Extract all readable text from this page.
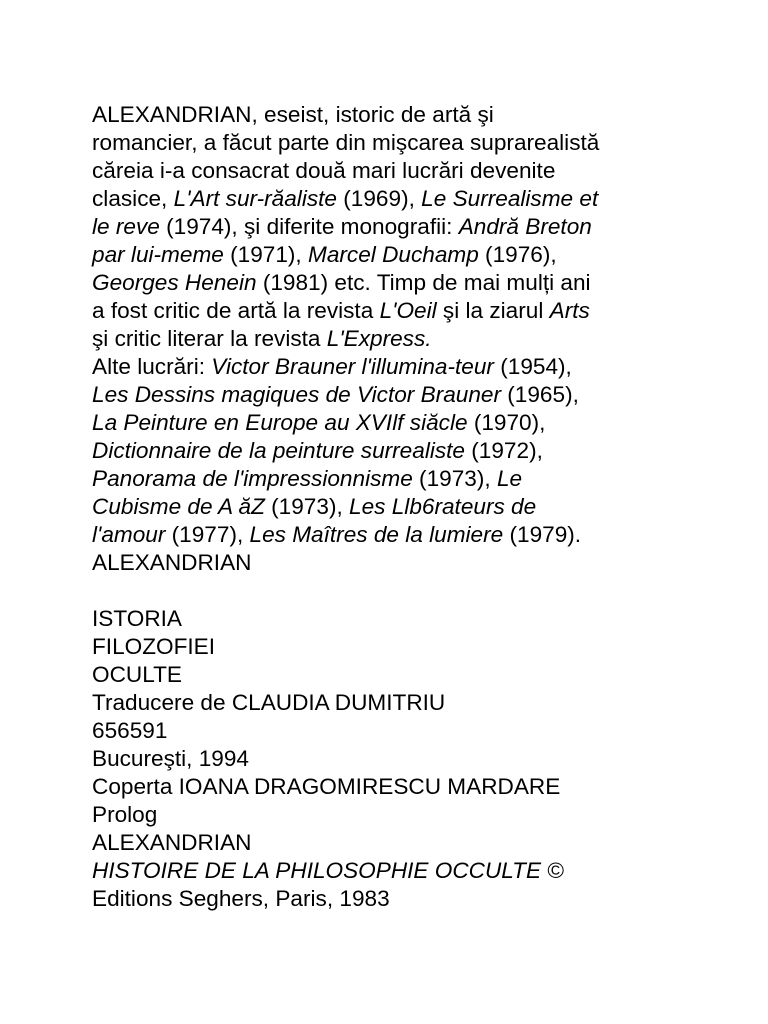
ALEXANDRIAN, eseist, istoric de artă şi
romancier, a făcut parte din mişcarea suprarealistă
căreia i-a consacrat două mari lucrări devenite
clasice, L'Art sur-răaliste (1969), Le Surrealisme et
le reve (1974), şi diferite monografii: Andră Breton
par lui-meme (1971), Marcel Duchamp (1976),
Georges Henein (1981) etc. Timp de mai mulți ani
a fost critic de artă la revista L'Oeil şi la ziarul Arts
şi critic literar la revista L'Express.
Alte lucrări: Victor Brauner l'illumina-teur (1954),
Les Dessins magiques de Victor Brauner (1965),
La Peinture en Europe au XVIlf siăcle (1970),
Dictionnaire de la peinture surrealiste (1972),
Panorama de l'impressionnisme (1973), Le
Cubisme de A ăZ (1973), Les Llb6rateurs de
l'amour (1977), Les Maîtres de la lumiere (1979).
ALEXANDRIAN
ISTORIA
FILOZOFIEI
OCULTE
Traducere de CLAUDIA DUMITRIU
656591
Bucureşti, 1994
Coperta IOANA DRAGOMIRESCU MARDARE
Prolog
ALEXANDRIAN
HISTOIRE DE LA PHILOSOPHIE OCCULTE ©
Editions Seghers, Paris, 1983
